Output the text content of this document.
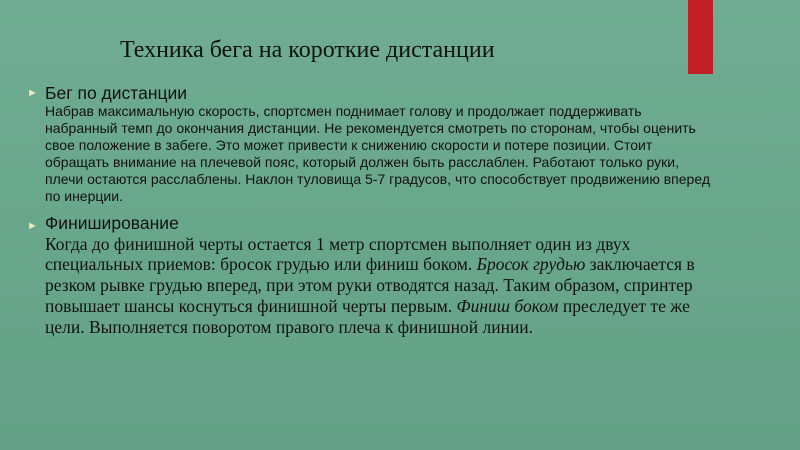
Техника бега на короткие дистанции
► Бег по дистанции

Набрав максимальную скорость, спортсмен поднимает голову и продолжает поддерживать набранный темп до окончания дистанции. Не рекомендуется смотреть по сторонам, чтобы оценить свое положение в забеге. Это может привести к снижению скорости и потере позиции. Стоит обращать внимание на плечевой пояс, который должен быть расслаблен. Работают только руки, плечи остаются расслаблены. Наклон туловища 5-7 градусов, что способствует продвижению вперед по инерции.

► Финиширование

Когда до финишной черты остается 1 метр спортсмен выполняет один из двух специальных приемов: бросок грудью или финиш боком. Бросок грудью заключается в резком рывке грудью вперед, при этом руки отводятся назад. Таким образом, спринтер повышает шансы коснуться финишной черты первым. Финиш боком преследует те же цели. Выполняется поворотом правого плеча к финишной линии.
